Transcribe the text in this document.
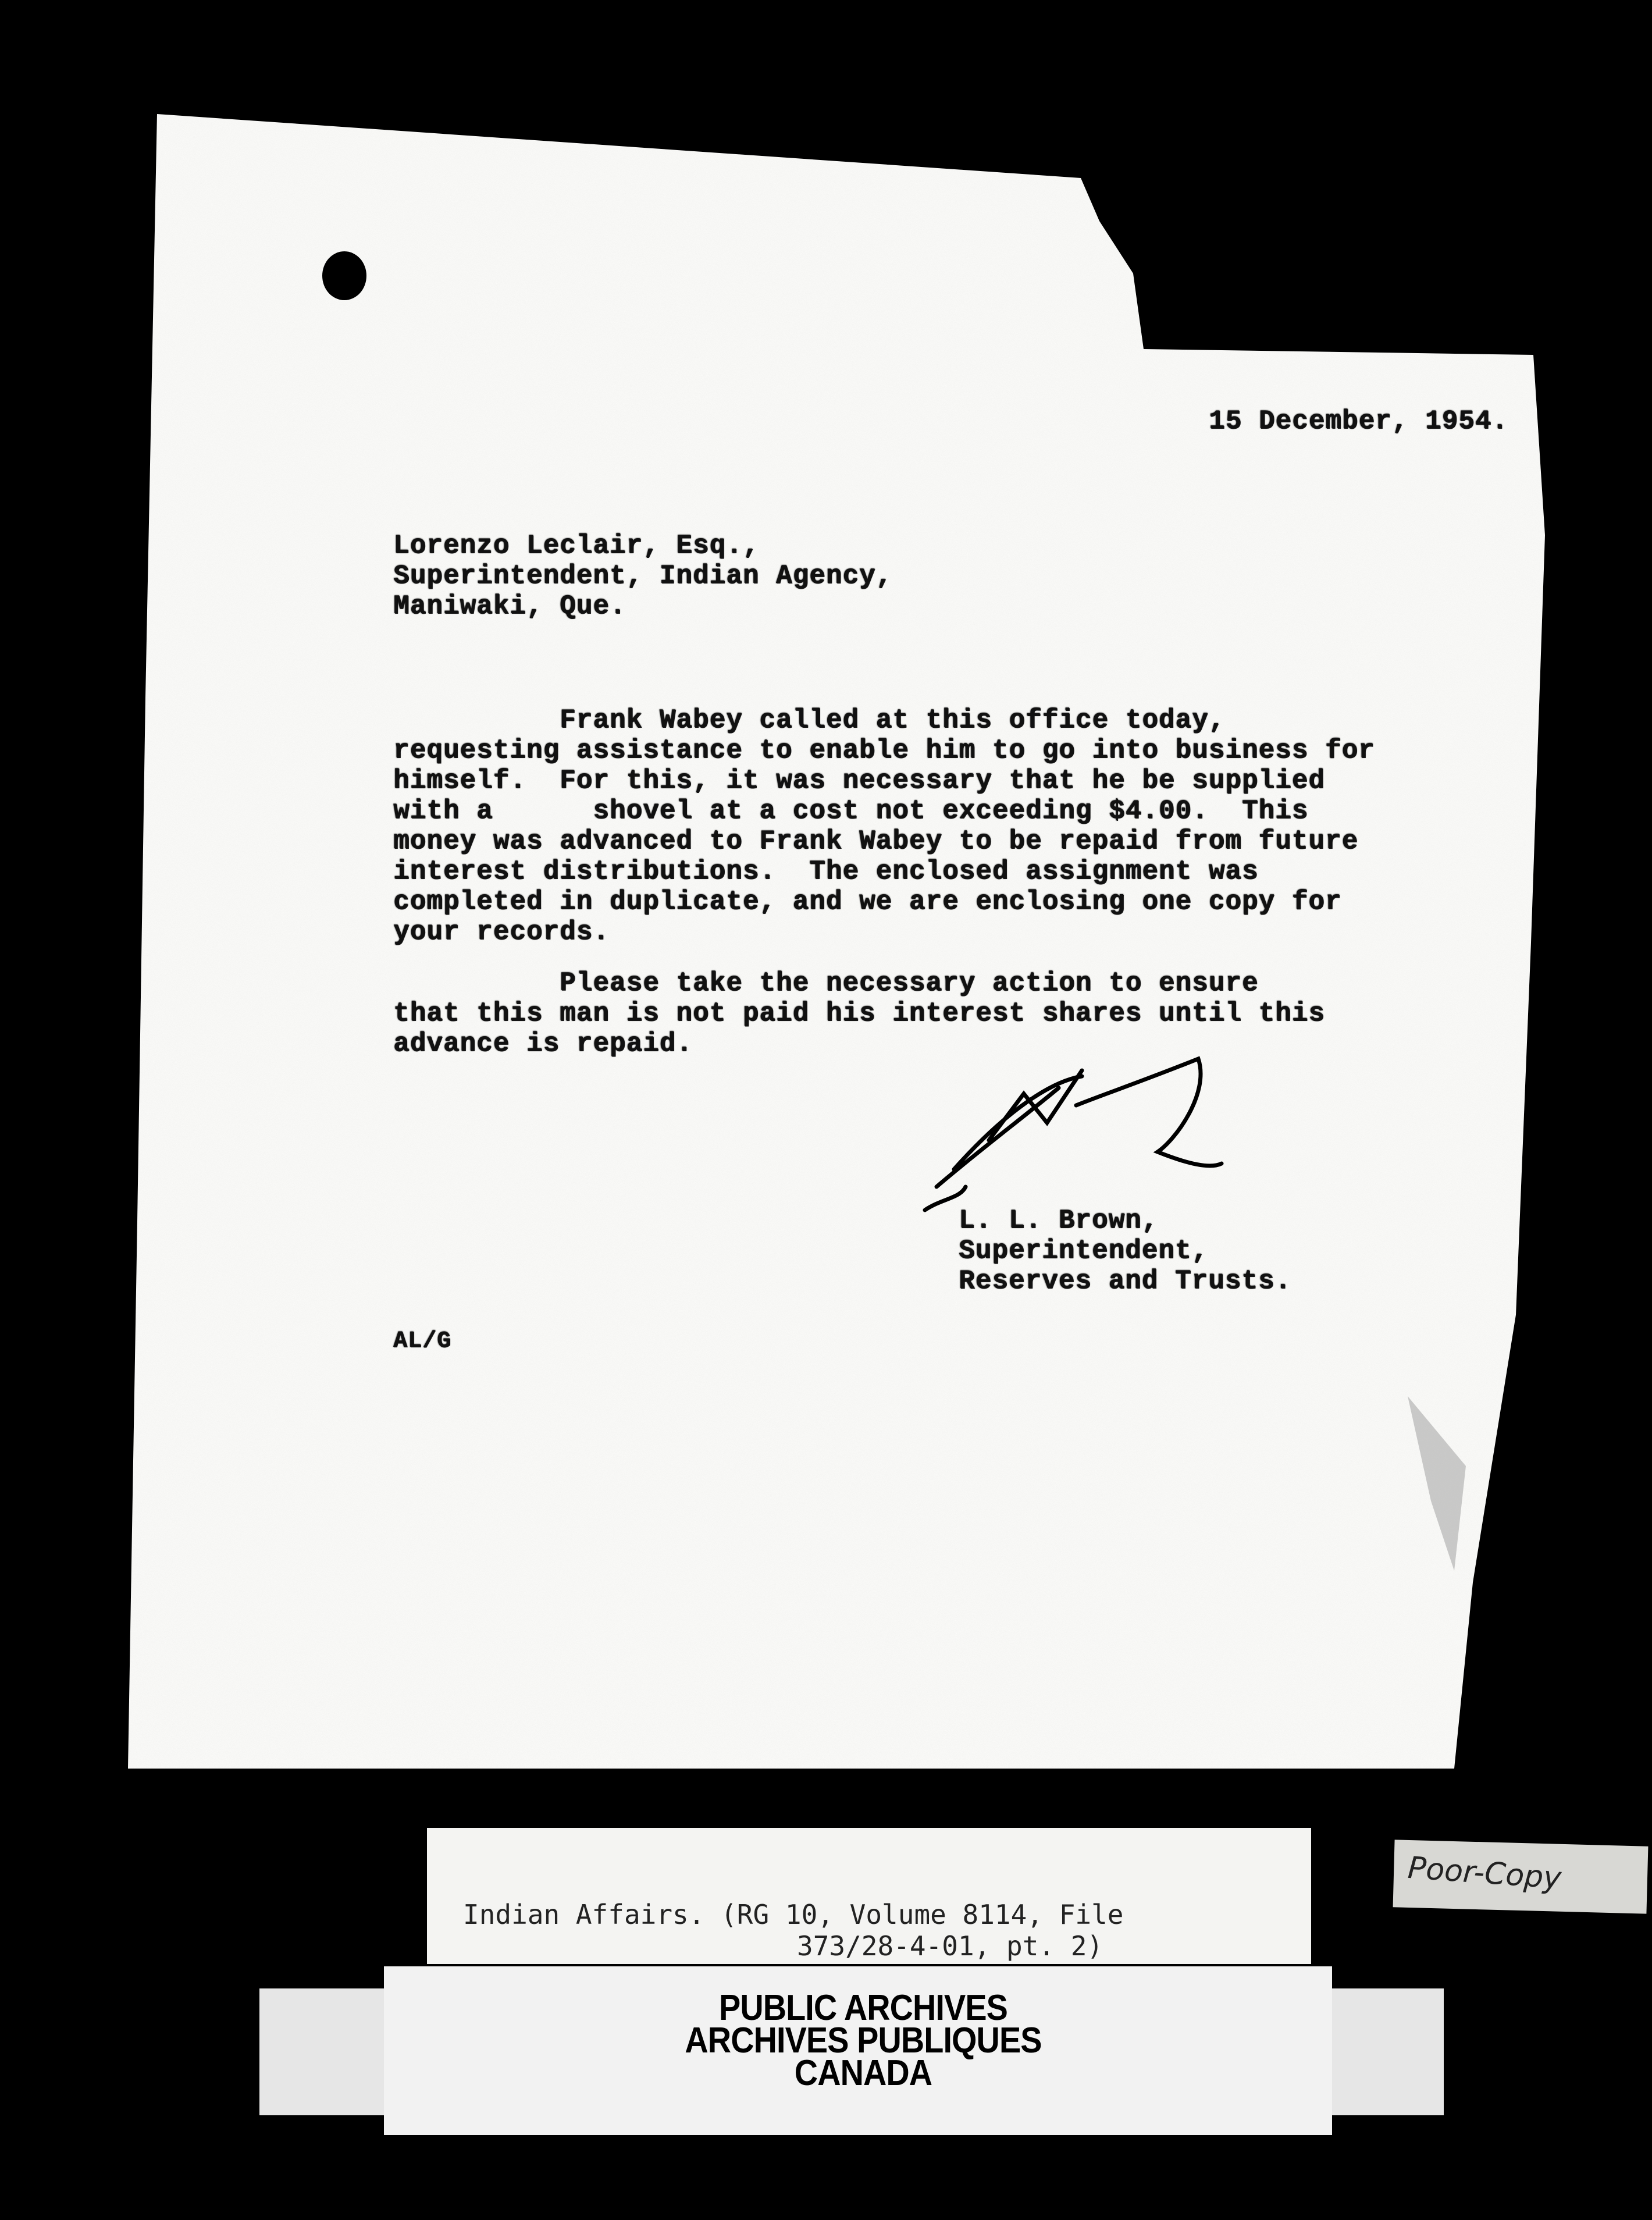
15 December, 1954.
Lorenzo Leclair, Esq.,
Superintendent, Indian Agency,
Maniwaki, Que.
Frank Wabey called at this office today,
requesting assistance to enable him to go into business for
himself.  For this, it was necessary that he be supplied
with a      shovel at a cost not exceeding $4.00.  This
money was advanced to Frank Wabey to be repaid from future
interest distributions.  The enclosed assignment was
completed in duplicate, and we are enclosing one copy for
your records.
Please take the necessary action to ensure
that this man is not paid his interest shares until this
advance is repaid.
L. L. Brown,
Superintendent,
Reserves and Trusts.
AL/G
Indian Affairs. (RG 10, Volume 8114, File
373/28-4-01, pt. 2)
PUBLIC ARCHIVES
ARCHIVES PUBLIQUES
CANADA
Poor-Copy
